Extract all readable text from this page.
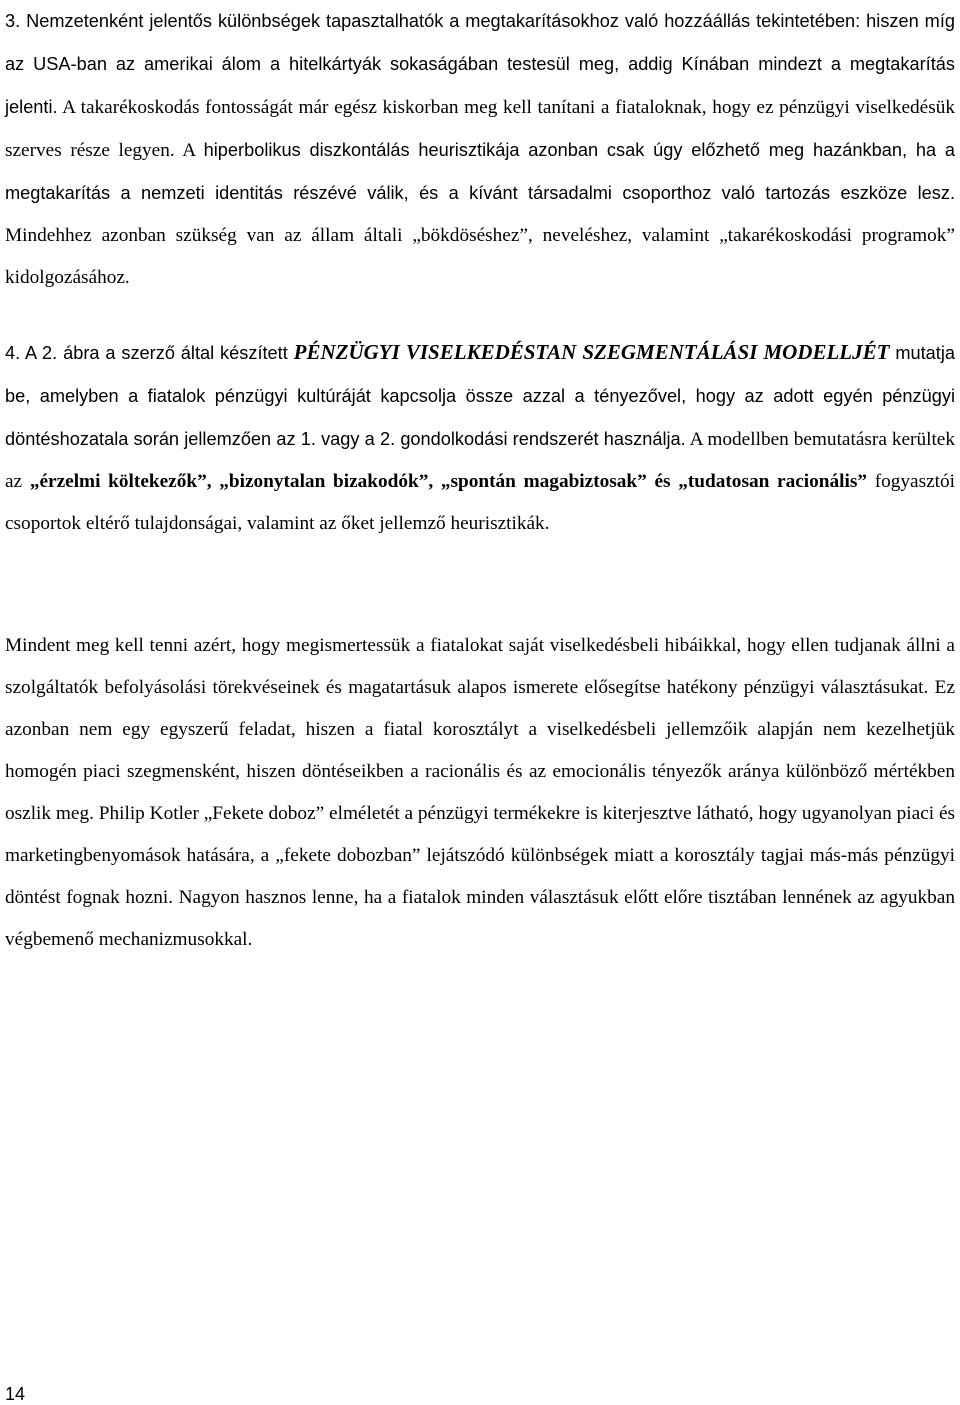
3. Nemzetenként jelentős különbségek tapasztalhatók a megtakarításokhoz való hozzáállás tekintetében: hiszen míg az USA-ban az amerikai álom a hitelkártyák sokaságában testesül meg, addig Kínában mindezt a megtakarítás jelenti. A takarékoskodás fontosságát már egész kiskorban meg kell tanítani a fiataloknak, hogy ez pénzügyi viselkedésük szerves része legyen. A hiperbolikus diszkontálás heurisztikája azonban csak úgy előzhető meg hazánkban, ha a megtakarítás a nemzeti identitás részévé válik, és a kívánt társadalmi csoporthoz való tartozás eszköze lesz. Mindehhez azonban szükség van az állam általi „bökdöséshez”, neveléshez, valamint „takarékoskodási programok” kidolgozásához.

4. A 2. ábra a szerző által készített PÉNZÜGYI VISELKEDÉSTAN SZEGMENTÁLÁSI MODELLJÉT mutatja be, amelyben a fiatalok pénzügyi kultúráját kapcsolja össze azzal a tényezővel, hogy az adott egyén pénzügyi döntéshozatala során jellemzően az 1. vagy a 2. gondolkodási rendszerét használja. A modellben bemutatásra kerültek az „érzelmi költekezők”, „bizonytalan bizakodók”, „spontán magabiztosak” és „tudatosan racionális” fogyasztói csoportok eltérő tulajdonságai, valamint az őket jellemző heurisztikák.

Mindent meg kell tenni azért, hogy megismertessük a fiatalokat saját viselkedésbeli hibáikkal, hogy ellen tudjanak állni a szolgáltatók befolyásolási törekvéseinek és magatartásuk alapos ismerete elősegítse hatékony pénzügyi választásukat. Ez azonban nem egy egyszerű feladat, hiszen a fiatal korosztályt a viselkedésbeli jellemzőik alapján nem kezelhetjük homogén piaci szegmensként, hiszen döntéseikben a racionális és az emocionális tényezők aránya különböző mértékben oszlik meg. Philip Kotler „Fekete doboz” elméletét a pénzügyi termékekre is kiterjesztve látható, hogy ugyanolyan piaci és marketingbenyomások hatására, a „fekete dobozban” lejátszódó különbségek miatt a korosztály tagjai más-más pénzügyi döntést fognak hozni. Nagyon hasznos lenne, ha a fiatalok minden választásuk előtt előre tisztában lennének az agyukban végbemenő mechanizmusokkal.

14
